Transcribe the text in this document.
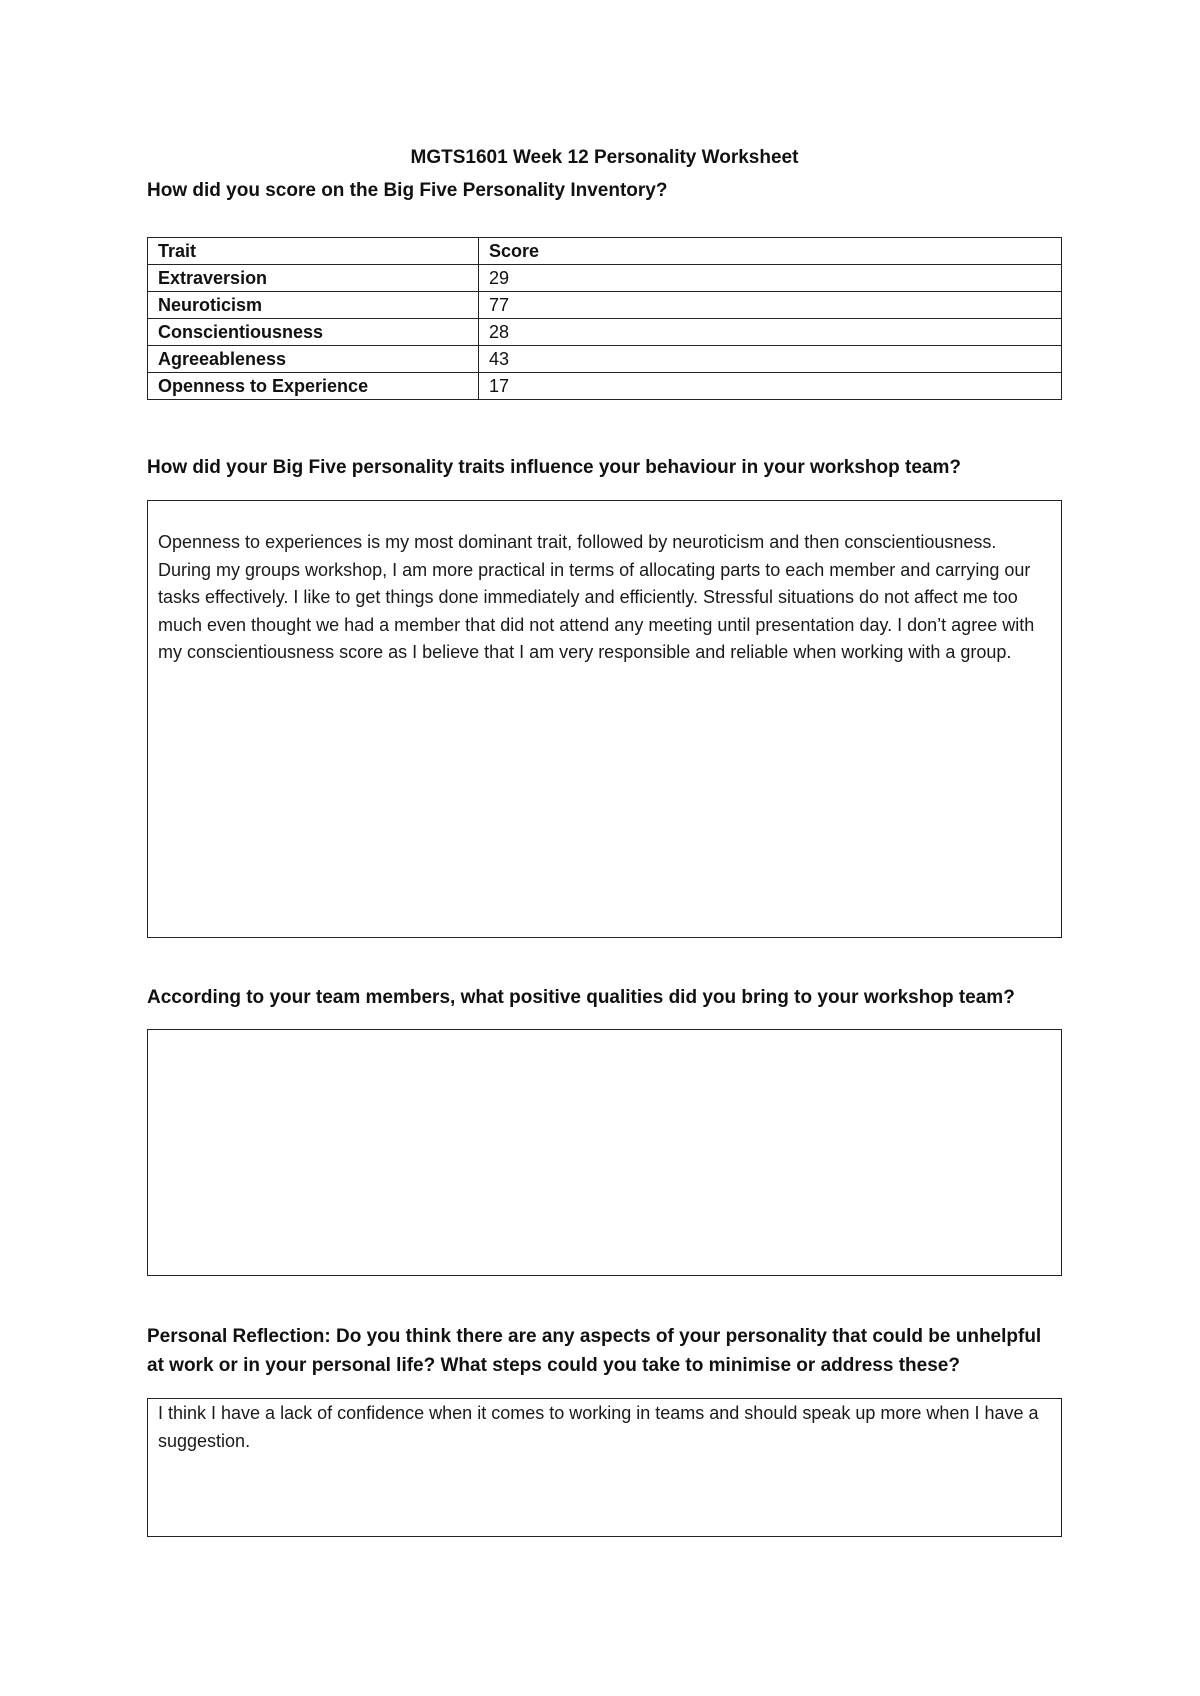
MGTS1601 Week 12 Personality Worksheet
How did you score on the Big Five Personality Inventory?
Trait	Score
Extraversion	29
Neuroticism	77
Conscientiousness	28
Agreeableness	43
Openness to Experience	17
How did your Big Five personality traits influence your behaviour in your workshop team?
Openness to experiences is my most dominant trait, followed by neuroticism and then conscientiousness. During my groups workshop, I am more practical in terms of allocating parts to each member and carrying our tasks effectively. I like to get things done immediately and efficiently. Stressful situations do not affect me too much even thought we had a member that did not attend any meeting until presentation day. I don’t agree with my conscientiousness score as I believe that I am very responsible and reliable when working with a group.
According to your team members, what positive qualities did you bring to your workshop team?
Personal Reflection: Do you think there are any aspects of your personality that could be unhelpful at work or in your personal life? What steps could you take to minimise or address these?
I think I have a lack of confidence when it comes to working in teams and should speak up more when I have a suggestion.
